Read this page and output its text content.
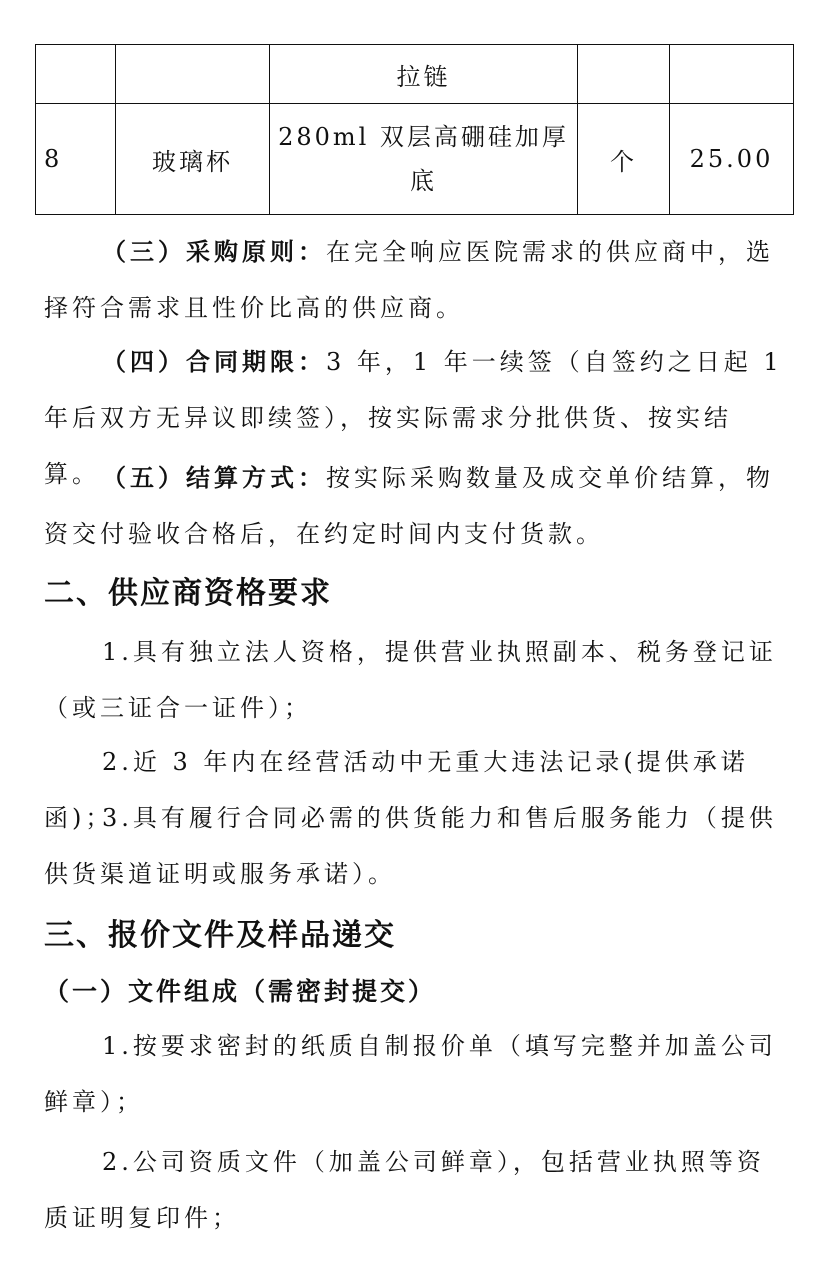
		拉链		
8	玻璃杯	280ml 双层高硼硅加厚
底	个	25.00

（三）采购原则：在完全响应医院需求的供应商中，选择符合需求且性价比高的供应商。

（四）合同期限：3 年，1 年一续签（自签约之日起 1 年后双方无异议即续签），按实际需求分批供货、按实结算。 （五）结算方式：按实际采购数量及成交单价结算，物资交付验收合格后，在约定时间内支付货款。

二、供应商资格要求

1.具有独立法人资格，提供营业执照副本、税务登记证（或三证合一证件）；

2.近 3 年内在经营活动中无重大违法记录(提供承诺函)；

3.具有履行合同必需的供货能力和售后服务能力（提供供货渠道证明或服务承诺）。

三、报价文件及样品递交
（一）文件组成（需密封提交）

1.按要求密封的纸质自制报价单（填写完整并加盖公司鲜章）；

2.公司资质文件（加盖公司鲜章），包括营业执照等资质证明复印件；
